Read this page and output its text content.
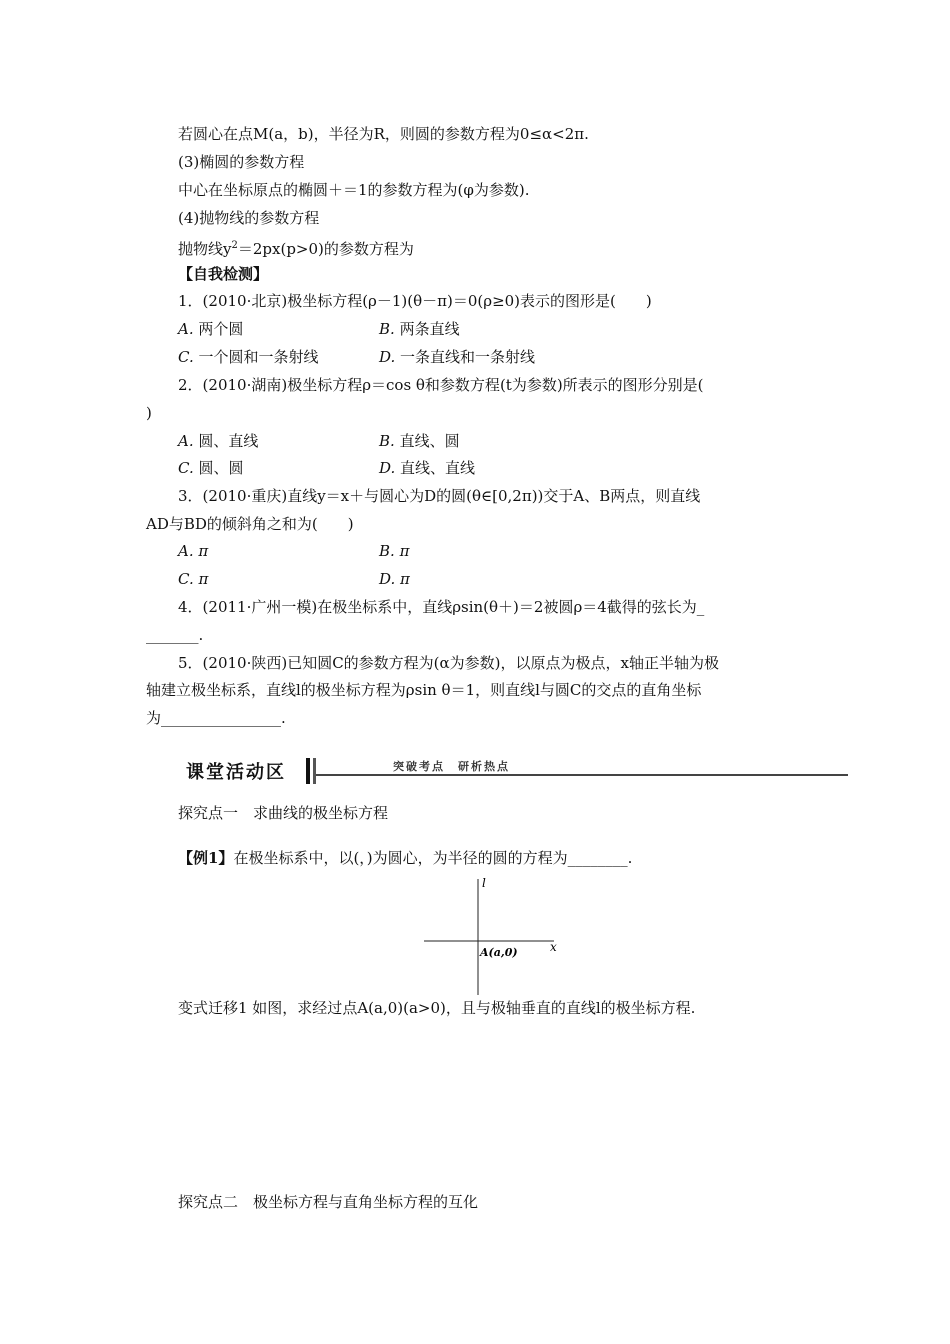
若圆心在点M(a，b)，半径为R，则圆的参数方程为0≤α<2π.
(3)椭圆的参数方程
中心在坐标原点的椭圆＋＝1的参数方程为(φ为参数).
(4)抛物线的参数方程
抛物线$y^2=2px(p>0)$的参数方程为
【自我检测】
1．(2010·北京)极坐标方程(ρ－1)(θ－π)＝0(ρ≥0)表示的图形是(　　)
A. 两个圆	B. 两条直线
C. 一个圆和一条射线	D. 一条直线和一条射线
2．(2010·湖南)极坐标方程ρ＝cos θ和参数方程(t为参数)所表示的图形分别是(
)
A. 圆、直线	B. 直线、圆
C. 圆、圆	D. 直线、直线
3．(2010·重庆)直线y＝x＋与圆心为D的圆(θ∈[0,2π))交于A、B两点，则直线
AD与BD的倾斜角之和为(　　)
A. π	B. π
C. π	D. π
4．(2011·广州一模)在极坐标系中，直线ρsin(θ＋)＝2被圆ρ＝4截得的弦长为_
_______.
5．(2010·陕西)已知圆C的参数方程为(α为参数)，以原点为极点，x轴正半轴为极
轴建立极坐标系，直线l的极坐标方程为ρsin θ＝1，则直线l与圆C的交点的直角坐标
为________________.
课堂活动区	突破考点　研析热点
探究点一　求曲线的极坐标方程
【例1】在极坐标系中，以(，)为圆心，为半径的圆的方程为________.
l
x
A(a,0)
变式迁移1 如图，求经过点A(a,0)(a>0)，且与极轴垂直的直线l的极坐标方程.
探究点二　极坐标方程与直角坐标方程的互化
